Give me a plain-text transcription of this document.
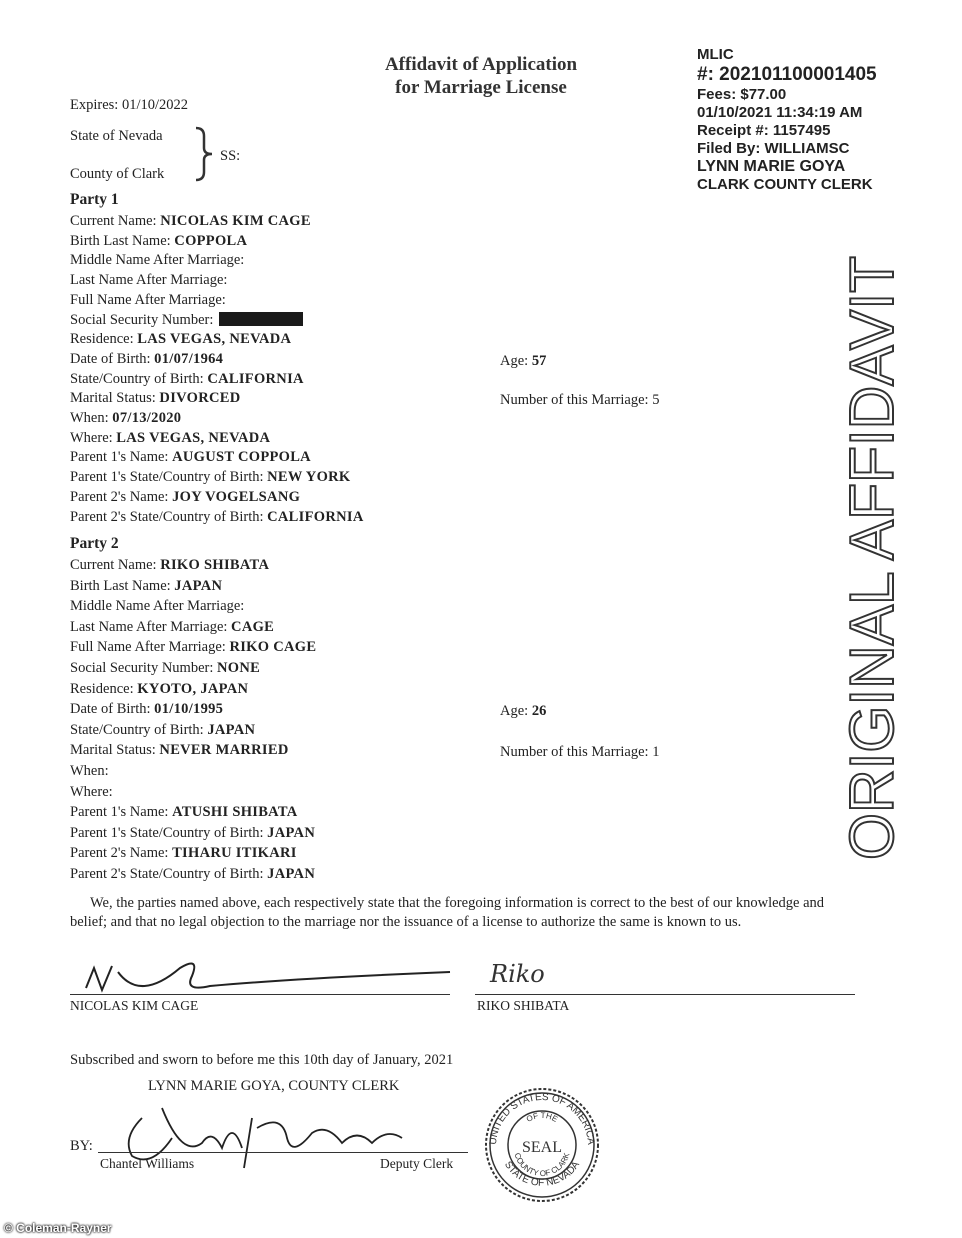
Affidavit of Application
for Marriage License
MLIC
#: 202101100001405
Fees: $77.00
01/10/2021 11:34:19 AM
Receipt #: 1157495
Filed By: WILLIAMSC
LYNN MARIE GOYA
CLARK COUNTY CLERK
Expires: 01/10/2022
State of Nevada
County of Clark
SS:
Party 1
Current Name: NICOLAS KIM CAGE
Birth Last Name: COPPOLA
Middle Name After Marriage:
Last Name After Marriage:
Full Name After Marriage:
Social Security Number:
Residence: LAS VEGAS, NEVADA
Date of Birth: 01/07/1964
State/Country of Birth: CALIFORNIA
Marital Status: DIVORCED
When: 07/13/2020
Where: LAS VEGAS, NEVADA
Parent 1's Name: AUGUST COPPOLA
Parent 1's State/Country of Birth: NEW YORK
Parent 2's Name: JOY VOGELSANG
Parent 2's State/Country of Birth: CALIFORNIA
Age: 57
Number of this Marriage: 5
Party 2
Current Name: RIKO SHIBATA
Birth Last Name: JAPAN
Middle Name After Marriage:
Last Name After Marriage: CAGE
Full Name After Marriage: RIKO CAGE
Social Security Number: NONE
Residence: KYOTO, JAPAN
Date of Birth: 01/10/1995
State/Country of Birth: JAPAN
Marital Status: NEVER MARRIED
When:
Where:
Parent 1's Name: ATUSHI SHIBATA
Parent 1's State/Country of Birth: JAPAN
Parent 2's Name: TIHARU ITIKARI
Parent 2's State/Country of Birth: JAPAN
Age: 26
Number of this Marriage: 1	ORIGINAL AFFIDAVIT
We, the parties named above, each respectively state that the foregoing information is correct to the best of our knowledge and belief; and that no legal objection to the marriage nor the issuance of a license to authorize the same is known to us.
NICOLAS KIM CAGE
Riko
RIKO SHIBATA
Subscribed and sworn to before me this 10th day of January, 2021
LYNN MARIE GOYA, COUNTY CLERK
BY:
Chantel Williams	Deputy Clerk
UNITED STATES OF AMERICA
STATE OF NEVADA
OF THE
COUNTY OF CLARK
SEAL
© Coleman-Rayner
